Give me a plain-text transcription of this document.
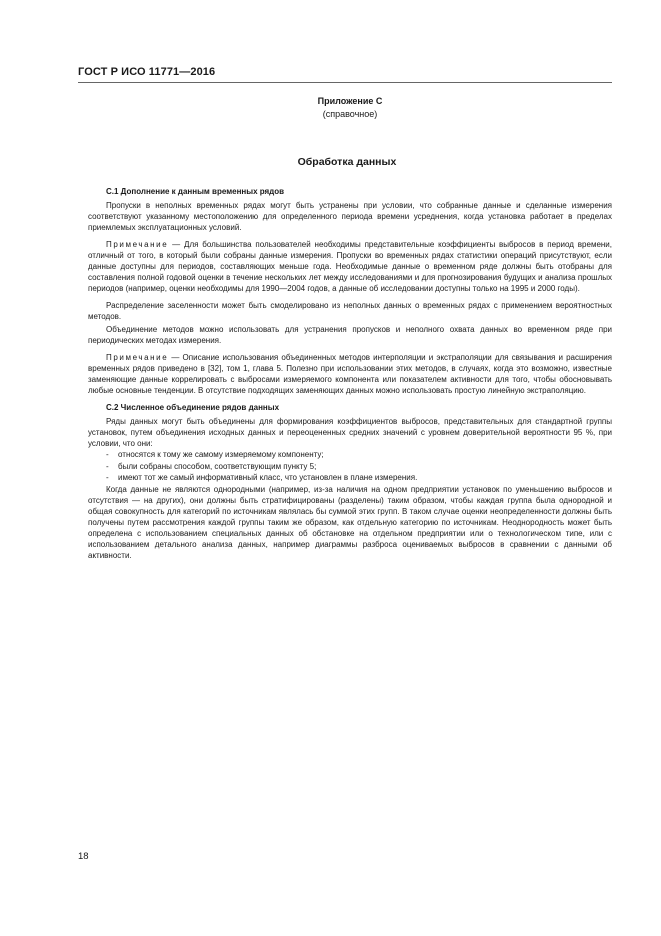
ГОСТ Р ИСО 11771—2016
Приложение С
(справочное)
Обработка данных
С.1 Дополнение к данным временных рядов

Пропуски в неполных временных рядах могут быть устранены при условии, что собранные данные и сделанные измерения соответствуют указанному местоположению для определенного периода времени усреднения, когда установка работает в пределах приемлемых эксплуатационных условий.

Примечание — Для большинства пользователей необходимы представительные коэффициенты выбросов в период времени, отличный от того, в который были собраны данные измерения. Пропуски во временных рядах статистики операций присутствуют, если данные доступны для периодов, составляющих меньше года. Необходимые данные о временном ряде должны быть отобраны для составления полной годовой оценки в течение нескольких лет между исследованиями и для прогнозирования будущих и анализа прошлых периодов (например, оценки необходимы для 1990—2004 годов, а данные об исследовании доступны только на 1995 и 2000 годы).

Распределение заселенности может быть смоделировано из неполных данных о временных рядах с применением вероятностных методов.

Объединение методов можно использовать для устранения пропусков и неполного охвата данных во временном ряде при периодических методах измерения.

Примечание — Описание использования объединенных методов интерполяции и экстраполяции для связывания и расширения временных рядов приведено в [32], том 1, глава 5. Полезно при использовании этих методов, в случаях, когда это возможно, известные заменяющие данные коррелировать с выбросами измеряемого компонента или показателем активности для того, чтобы обосновывать любые основные тенденции. В отсутствие подходящих заменяющих данных можно использовать простую линейную экстраполяцию.

С.2 Численное объединение рядов данных

Ряды данных могут быть объединены для формирования коэффициентов выбросов, представительных для стандартной группы установок, путем объединения исходных данных и переоцененных средних значений с уровнем доверительной вероятности 95 %, при условии, что они:

- относятся к тому же самому измеряемому компоненту;
- были собраны способом, соответствующим пункту 5;
- имеют тот же самый информативный класс, что установлен в плане измерения.

Когда данные не являются однородными (например, из-за наличия на одном предприятии установок по уменьшению выбросов и отсутствия — на других), они должны быть стратифицированы (разделены) таким образом, чтобы каждая группа была однородной и общая совокупность для категорий по источникам являлась бы суммой этих групп. В таком случае оценки неопределенности должны быть получены путем рассмотрения каждой группы таким же образом, как отдельную категорию по источникам. Неоднородность может быть определена с использованием специальных данных об обстановке на отдельном предприятии или о технологическом типе, или с использованием детального анализа данных, например диаграммы разброса оцениваемых выбросов в сравнении с данными об активности.

18
